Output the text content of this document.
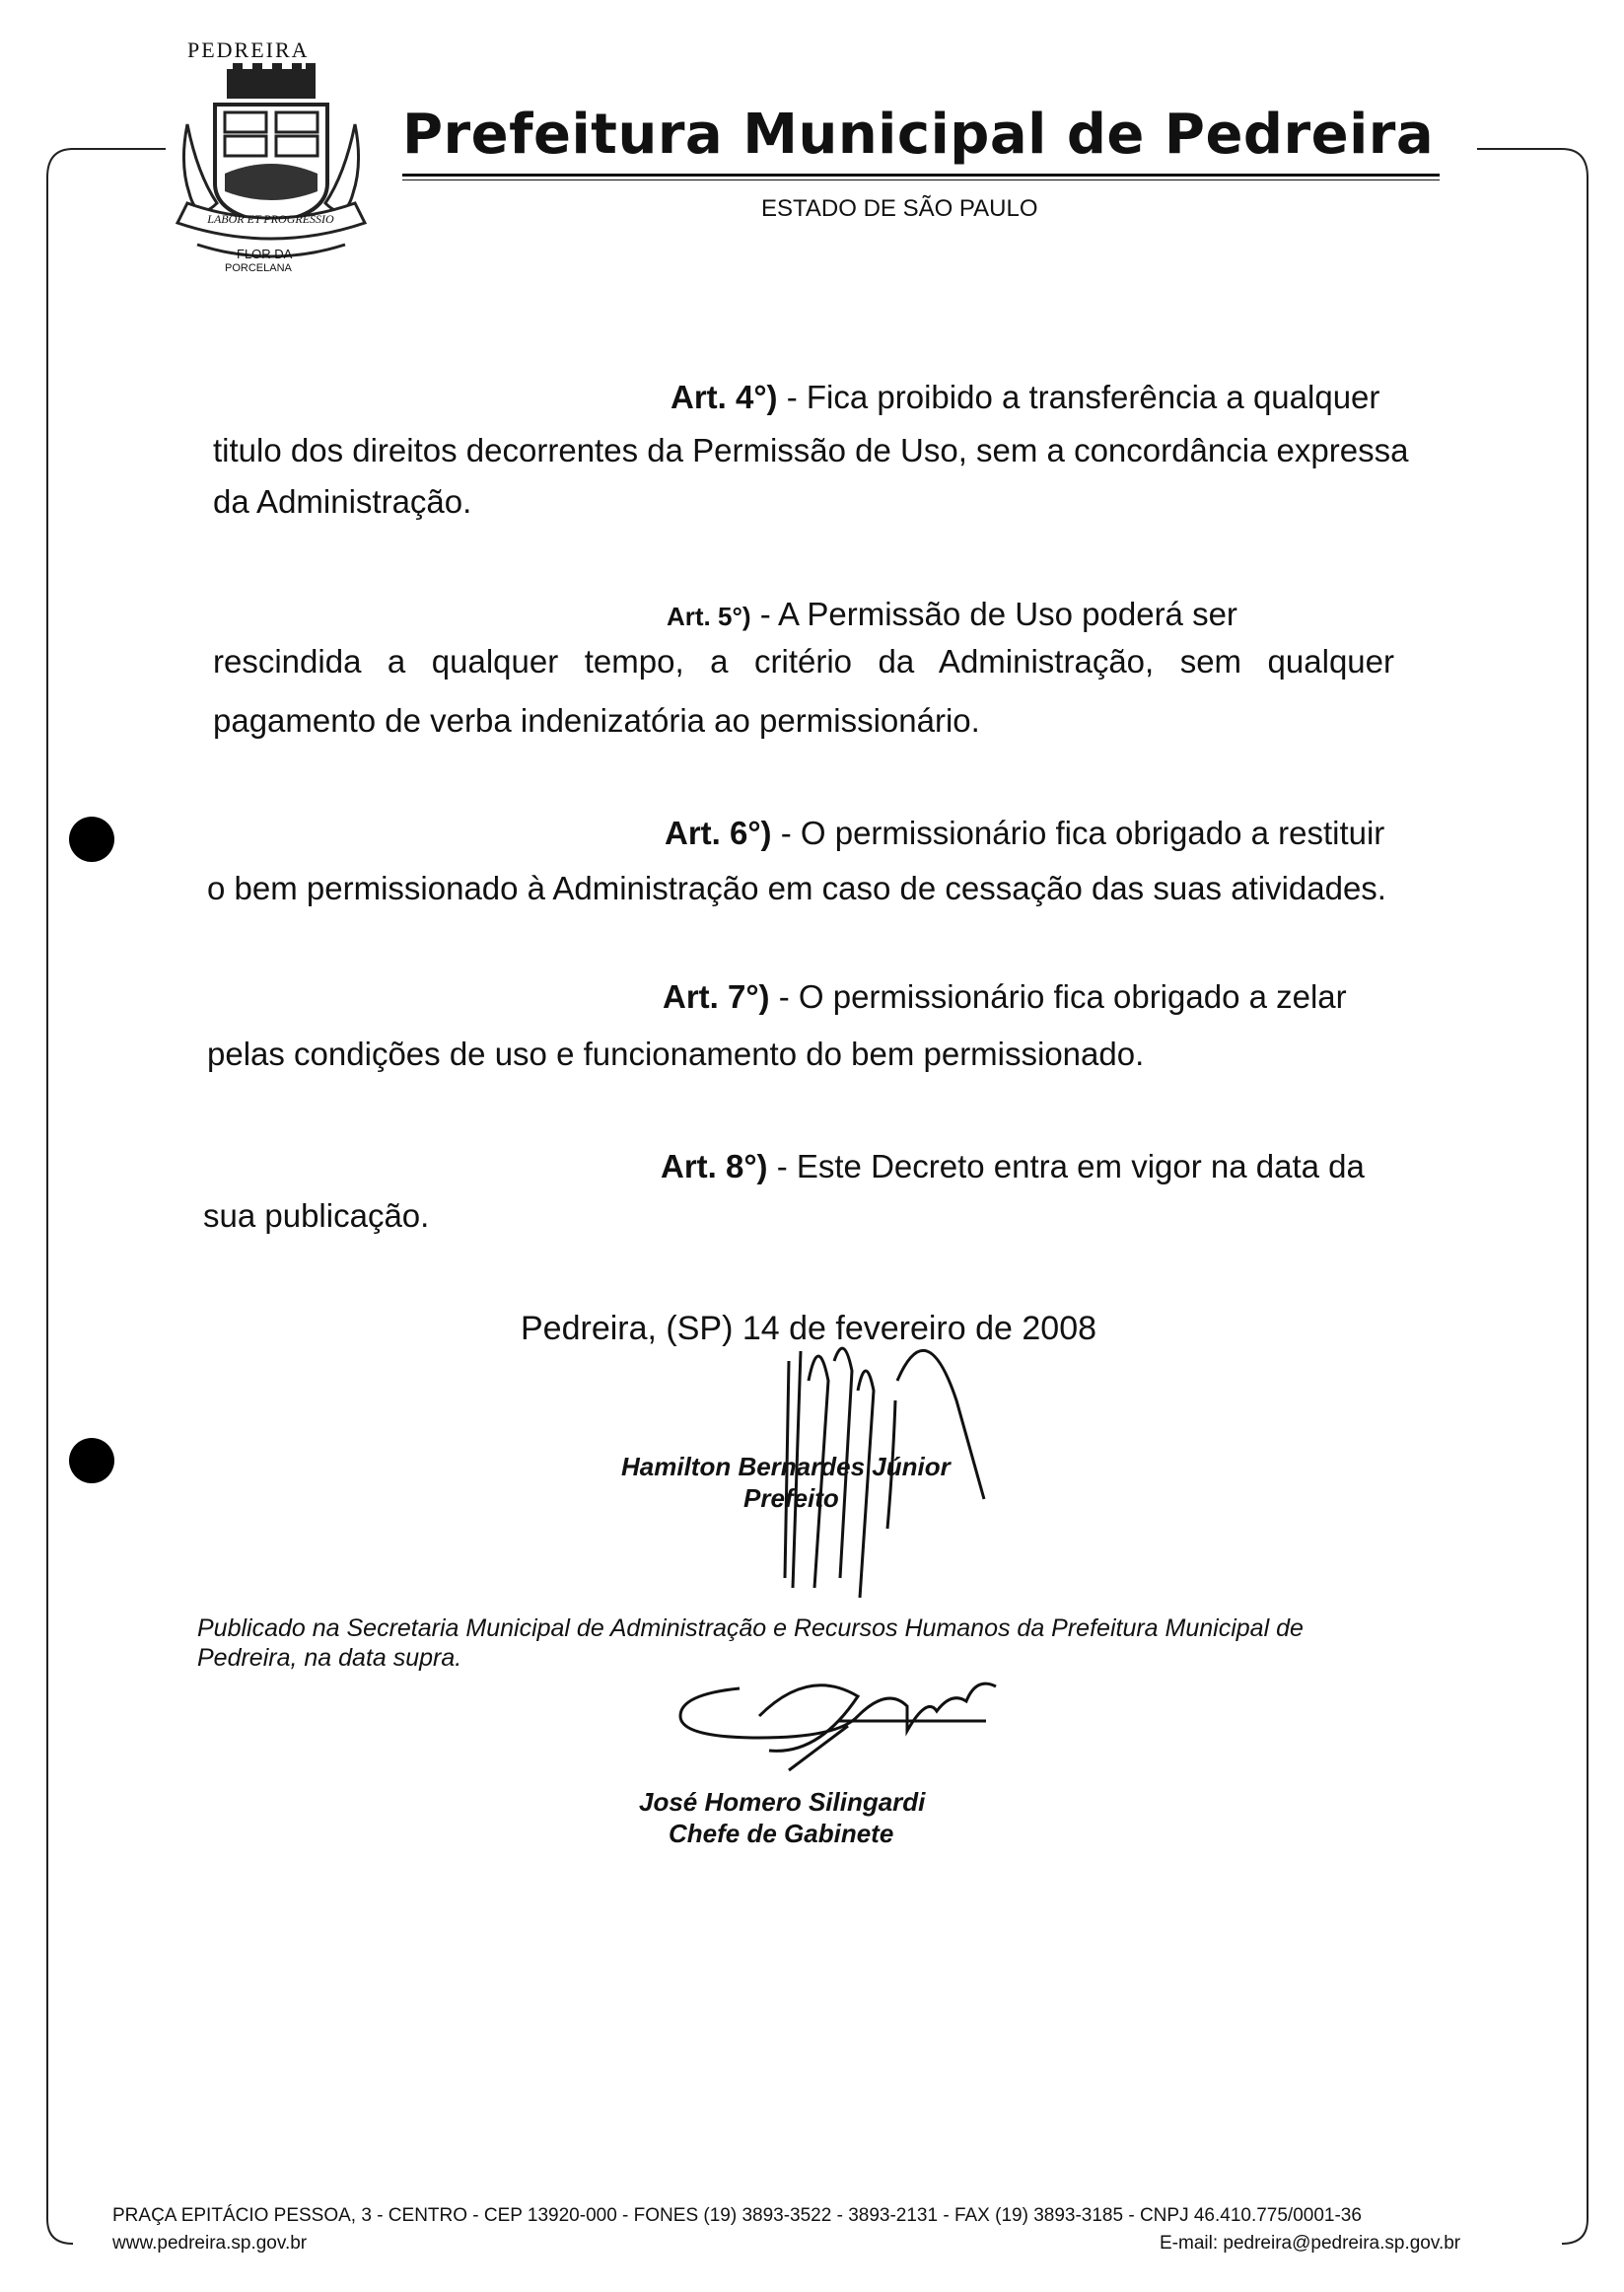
PEDREIRA
LABOR ET PROGRESSIO
FLOR DA
PORCELANA
Prefeitura Municipal de Pedreira
ESTADO DE SÃO PAULO
Art. 4°) - Fica proibido a transferência a qualquer
titulo dos direitos decorrentes da Permissão de Uso, sem a concordância expressa
da Administração.
Art. 5°) - A Permissão de Uso poderá ser
rescindida a qualquer tempo, a critério da Administração, sem qualquer
pagamento de verba indenizatória ao permissionário.
Art. 6°) - O permissionário fica obrigado a restituir
o bem permissionado à Administração em caso de cessação das suas atividades.
Art. 7°) - O permissionário fica obrigado a zelar
pelas condições de uso e funcionamento do bem permissionado.
Art. 8°) - Este Decreto entra em vigor na data da
sua publicação.
Pedreira, (SP) 14 de fevereiro de 2008
Hamilton Bernardes Júnior
Prefeito
Publicado na Secretaria Municipal de Administração e Recursos Humanos da Prefeitura Municipal de Pedreira, na data supra.
José Homero Silingardi
Chefe de Gabinete
PRAÇA EPITÁCIO PESSOA, 3 - CENTRO - CEP 13920-000 - FONES (19) 3893-3522 - 3893-2131 - FAX (19) 3893-3185 - CNPJ 46.410.775/0001-36
www.pedreira.sp.gov.br	E-mail: pedreira@pedreira.sp.gov.br
